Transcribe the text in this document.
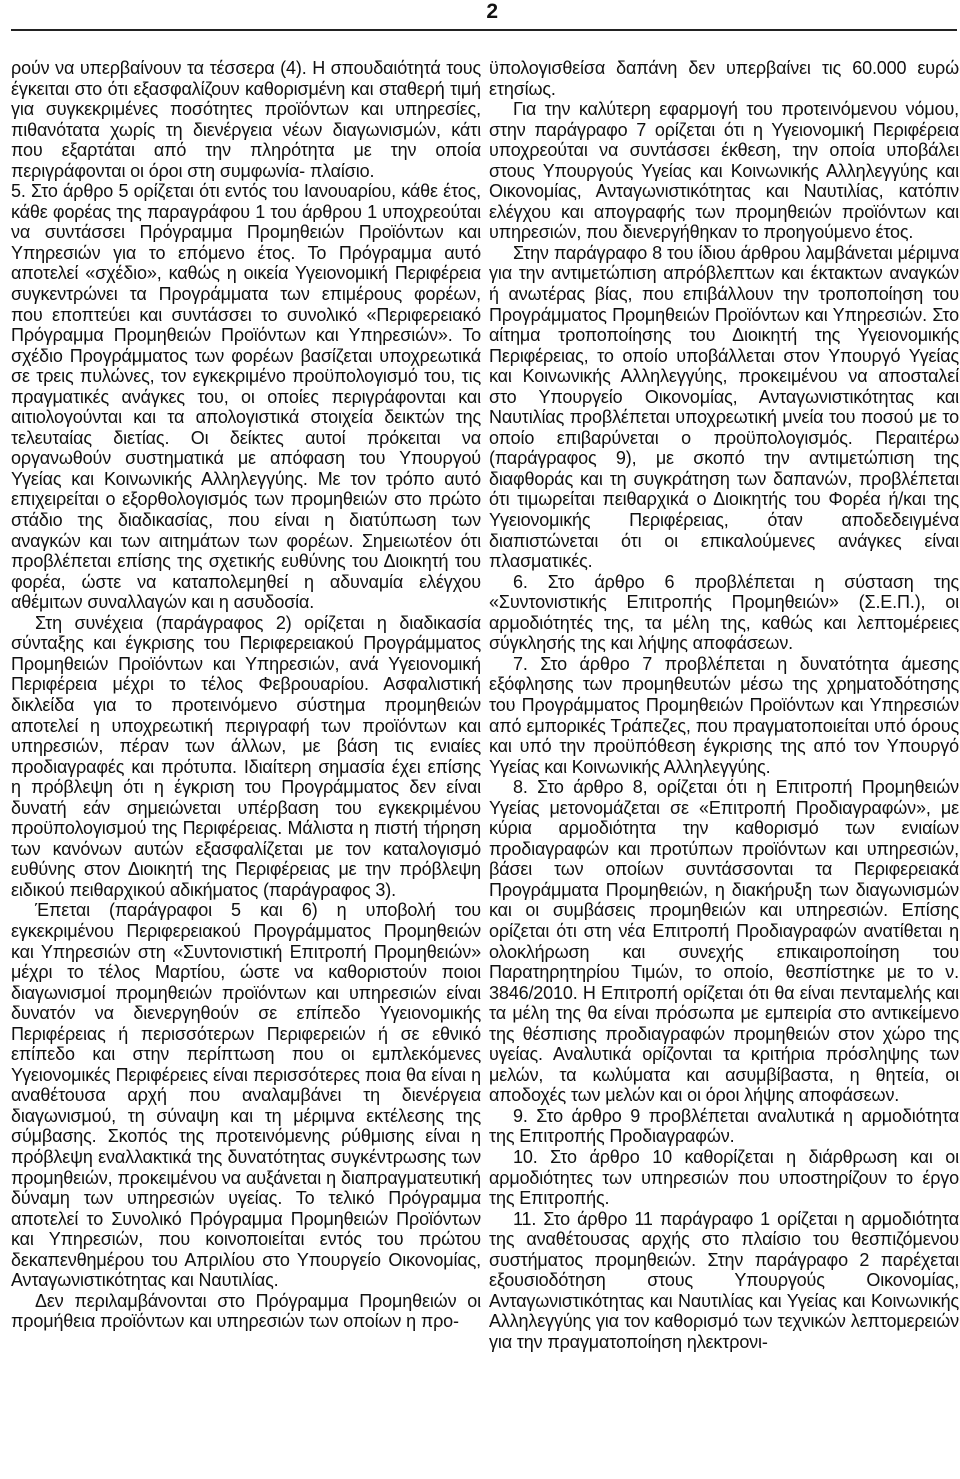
2

ρούν να υπερβαίνουν τα τέσσερα (4). Η σπουδαιότητά τους έγκειται στο ότι εξασφαλίζουν καθορισμένη και σταθερή τιμή για συγκεκριμένες ποσότητες προϊόντων και υπηρεσίες, πιθανότατα χωρίς τη διενέργεια νέων διαγωνισμών, κάτι που εξαρτάται από την πληρότητα με την οποία περιγράφονται οι όροι στη συμφωνία- πλαίσιο.

5. Στο άρθρο 5 ορίζεται ότι εντός του Ιανουαρίου, κάθε έτος, κάθε φορέας της παραγράφου 1 του άρθρου 1 υποχρεούται να συντάσσει Πρόγραμμα Προμηθειών Προϊόντων και Υπηρεσιών για το επόμενο έτος. Το Πρόγραμμα αυτό αποτελεί «σχέδιο», καθώς η οικεία Υγειονομική Περιφέρεια συγκεντρώνει τα Προγράμματα των επιμέρους φορέων, που εποπτεύει και συντάσσει το συνολικό «Περιφερειακό Πρόγραμμα Προμηθειών Προϊόντων και Υπηρεσιών». Το σχέδιο Προγράμματος των φορέων βασίζεται υποχρεωτικά σε τρεις πυλώνες, τον εγκεκριμένο προϋπολογισμό του, τις πραγματικές ανάγκες του, οι οποίες περιγράφονται και αιτιολογούνται και τα απολογιστικά στοιχεία δεικτών της τελευταίας διετίας. Οι δείκτες αυτοί πρόκειται να οργανωθούν συστηματικά με απόφαση του Υπουργού Υγείας και Κοινωνικής Αλληλεγγύης. Με τον τρόπο αυτό επιχειρείται ο εξορθολογισμός των προμηθειών στο πρώτο στάδιο της διαδικασίας, που είναι η διατύπωση των αναγκών και των αιτημάτων των φορέων. Σημειωτέον ότι προβλέπεται επίσης της σχετικής ευθύνης του Διοικητή του φορέα, ώστε να καταπολεμηθεί η αδυναμία ελέγχου αθέμιτων συναλλαγών και η ασυδοσία.

Στη συνέχεια (παράγραφος 2) ορίζεται η διαδικασία σύνταξης και έγκρισης του Περιφερειακού Προγράμματος Προμηθειών Προϊόντων και Υπηρεσιών, ανά Υγειονομική Περιφέρεια μέχρι το τέλος Φεβρουαρίου. Ασφαλιστική δικλείδα για το προτεινόμενο σύστημα προμηθειών αποτελεί η υποχρεωτική περιγραφή των προϊόντων και υπηρεσιών, πέραν των άλλων, με βάση τις ενιαίες προδιαγραφές και πρότυπα. Ιδιαίτερη σημασία έχει επίσης η πρόβλεψη ότι η έγκριση του Προγράμματος δεν είναι δυνατή εάν σημειώνεται υπέρβαση του εγκεκριμένου προϋπολογισμού της Περιφέρειας. Μάλιστα η πιστή τήρηση των κανόνων αυτών εξασφαλίζεται με τον καταλογισμό ευθύνης στον Διοικητή της Περιφέρειας με την πρόβλεψη ειδικού πειθαρχικού αδικήματος (παράγραφος 3).

Έπεται (παράγραφοι 5 και 6) η υποβολή του εγκεκριμένου Περιφερειακού Προγράμματος Προμηθειών και Υπηρεσιών στη «Συντονιστική Επιτροπή Προμηθειών» μέχρι το τέλος Μαρτίου, ώστε να καθοριστούν ποιοι διαγωνισμοί προμηθειών προϊόντων και υπηρεσιών είναι δυνατόν να διενεργηθούν σε επίπεδο Υγειονομικής Περιφέρειας ή περισσότερων Περιφερειών ή σε εθνικό επίπεδο και στην περίπτωση που οι εμπλεκόμενες Υγειονομικές Περιφέρειες είναι περισσότερες ποια θα είναι η αναθέτουσα αρχή που αναλαμβάνει τη διενέργεια διαγωνισμού, τη σύναψη και τη μέριμνα εκτέλεσης της σύμβασης. Σκοπός της προτεινόμενης ρύθμισης είναι η πρόβλεψη εναλλακτικά της δυνατότητας συγκέντρωσης των προμηθειών, προκειμένου να αυξάνεται η διαπραγματευτική δύναμη των υπηρεσιών υγείας. Το τελικό Πρόγραμμα αποτελεί το Συνολικό Πρόγραμμα Προμηθειών Προϊόντων και Υπηρεσιών, που κοινοποιείται εντός του πρώτου δεκαπενθημέρου του Απριλίου στο Υπουργείο Οικονομίας, Ανταγωνιστικότητας και Ναυτιλίας.

Δεν περιλαμβάνονται στο Πρόγραμμα Προμηθειών οι προμήθεια προϊόντων και υπηρεσιών των οποίων η προ-

ϋπολογισθείσα δαπάνη δεν υπερβαίνει τις 60.000 ευρώ ετησίως.

Για την καλύτερη εφαρμογή του προτεινόμενου νόμου, στην παράγραφο 7 ορίζεται ότι η Υγειονομική Περιφέρεια υποχρεούται να συντάσσει έκθεση, την οποία υποβάλει στους Υπουργούς Υγείας και Κοινωνικής Αλληλεγγύης και Οικονομίας, Ανταγωνιστικότητας και Ναυτιλίας, κατόπιν ελέγχου και απογραφής των προμηθειών προϊόντων και υπηρεσιών, που διενεργήθηκαν το προηγούμενο έτος.

Στην παράγραφο 8 του ίδιου άρθρου λαμβάνεται μέριμνα για την αντιμετώπιση απρόβλεπτων και έκτακτων αναγκών ή ανωτέρας βίας, που επιβάλλουν την τροποποίηση του Προγράμματος Προμηθειών Προϊόντων και Υπηρεσιών. Στο αίτημα τροποποίησης του Διοικητή της Υγειονομικής Περιφέρειας, το οποίο υποβάλλεται στον Υπουργό Υγείας και Κοινωνικής Αλληλεγγύης, προκειμένου να αποσταλεί στο Υπουργείο Οικονομίας, Ανταγωνιστικότητας και Ναυτιλίας προβλέπεται υποχρεωτική μνεία του ποσού με το οποίο επιβαρύνεται ο προϋπολογισμός. Περαιτέρω (παράγραφος 9), με σκοπό την αντιμετώπιση της διαφθοράς και τη συγκράτηση των δαπανών, προβλέπεται ότι τιμωρείται πειθαρχικά ο Διοικητής του Φορέα ή/και της Υγειονομικής Περιφέρειας, όταν αποδεδειγμένα διαπιστώνεται ότι οι επικαλούμενες ανάγκες είναι πλασματικές.

6. Στο άρθρο 6 προβλέπεται η σύσταση της «Συντονιστικής Επιτροπής Προμηθειών» (Σ.Ε.Π.), οι αρμοδιότητές της, τα μέλη της, καθώς και λεπτομέρειες σύγκλησής της και λήψης αποφάσεων.

7. Στο άρθρο 7 προβλέπεται η δυνατότητα άμεσης εξόφλησης των προμηθευτών μέσω της χρηματοδότησης του Προγράμματος Προμηθειών Προϊόντων και Υπηρεσιών από εμπορικές Τράπεζες, που πραγματοποιείται υπό όρους και υπό την προϋπόθεση έγκρισης της από τον Υπουργό Υγείας και Κοινωνικής Αλληλεγγύης.

8. Στο άρθρο 8, ορίζεται ότι η Επιτροπή Προμηθειών Υγείας μετονομάζεται σε «Επιτροπή Προδιαγραφών», με κύρια αρμοδιότητα την καθορισμό των ενιαίων προδιαγραφών και προτύπων προϊόντων και υπηρεσιών, βάσει των οποίων συντάσσονται τα Περιφερειακά Προγράμματα Προμηθειών, η διακήρυξη των διαγωνισμών και οι συμβάσεις προμηθειών και υπηρεσιών. Επίσης ορίζεται ότι στη νέα Επιτροπή Προδιαγραφών ανατίθεται η ολοκλήρωση και συνεχής επικαιροποίηση του Παρατηρητηρίου Τιμών, το οποίο, θεσπίστηκε με το ν. 3846/2010. Η Επιτροπή ορίζεται ότι θα είναι πενταμελής και τα μέλη της θα είναι πρόσωπα με εμπειρία στο αντικείμενο της θέσπισης προδιαγραφών προμηθειών στον χώρο της υγείας. Αναλυτικά ορίζονται τα κριτήρια πρόσληψης των μελών, τα κωλύματα και ασυμβίβαστα, η θητεία, οι αποδοχές των μελών και οι όροι λήψης αποφάσεων.

9. Στο άρθρο 9 προβλέπεται αναλυτικά η αρμοδιότητα της Επιτροπής Προδιαγραφών.

10. Στο άρθρο 10 καθορίζεται η διάρθρωση και οι αρμοδιότητες των υπηρεσιών που υποστηρίζουν το έργο της Επιτροπής.

11. Στο άρθρο 11 παράγραφο 1 ορίζεται η αρμοδιότητα της αναθέτουσας αρχής στο πλαίσιο του θεσπιζόμενου συστήματος προμηθειών. Στην παράγραφο 2 παρέχεται εξουσιοδότηση στους Υπουργούς Οικονομίας, Ανταγωνιστικότητας και Ναυτιλίας και Υγείας και Κοινωνικής Αλληλεγγύης για τον καθορισμό των τεχνικών λεπτομερειών για την πραγματοποίηση ηλεκτρονι-
